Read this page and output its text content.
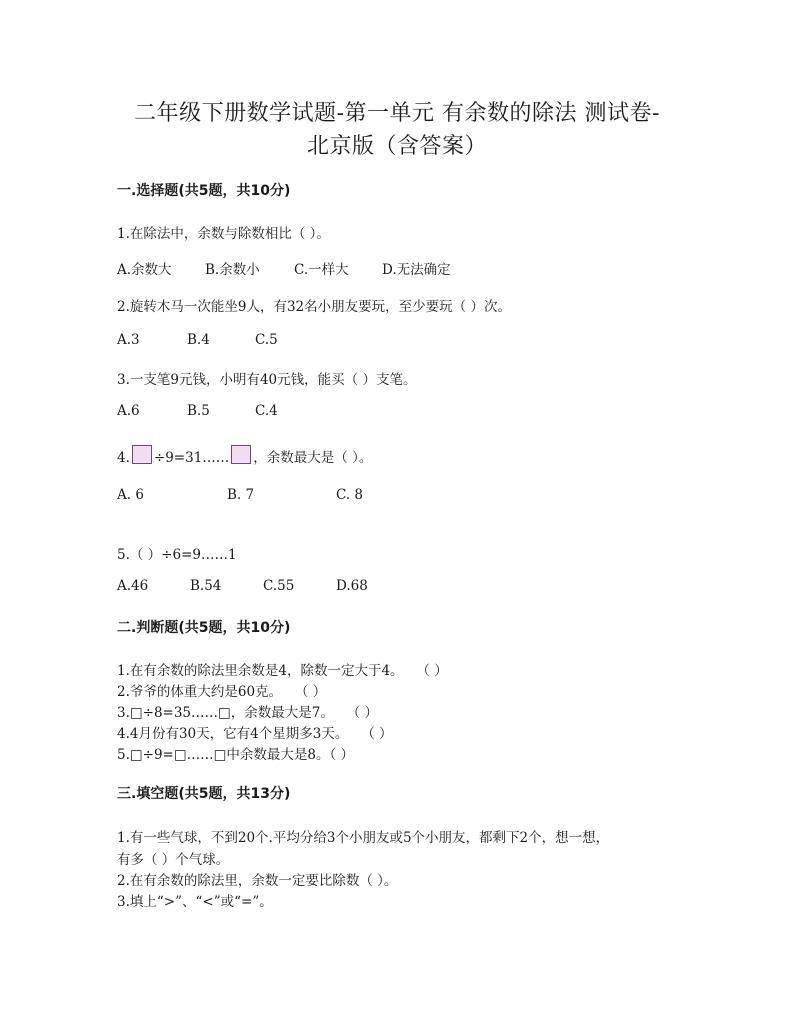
二年级下册数学试题-第一单元 有余数的除法 测试卷-
北京版（含答案）
一.选择题(共5题，共10分)
1.在除法中，余数与除数相比（ ）。
A.余数大 B.余数小	C.一样大 D.无法确定
2.旋转木马一次能坐9人，有32名小朋友要玩，至少要玩（ ）次。
A.3	B.4	C.5
3.一支笔9元钱，小明有40元钱，能买（ ）支笔。
A.6	B.5	C.4
4. ÷9=31…… ，余数最大是（ ）。
A. 6	B. 7	C. 8
5.（ ）÷6=9……1
A.46	B.54	C.55	D.68
二.判断题(共5题，共10分)
1.在有余数的除法里余数是4，除数一定大于4。   （ ）
2.爷爷的体重大约是60克。   （ ）
3.□÷8=35……□，余数最大是7。   （ ）
4.4月份有30天，它有4个星期多3天。   （ ）
5.□÷9=□……□中余数最大是8。（ ）
三.填空题(共5题，共13分)
1.有一些气球，不到20个.平均分给3个小朋友或5个小朋友，都剩下2个，想一想，
有多（ ）个气球。
2.在有余数的除法里，余数一定要比除数（ ）。
3.填上“>”、“<”或“=”。
